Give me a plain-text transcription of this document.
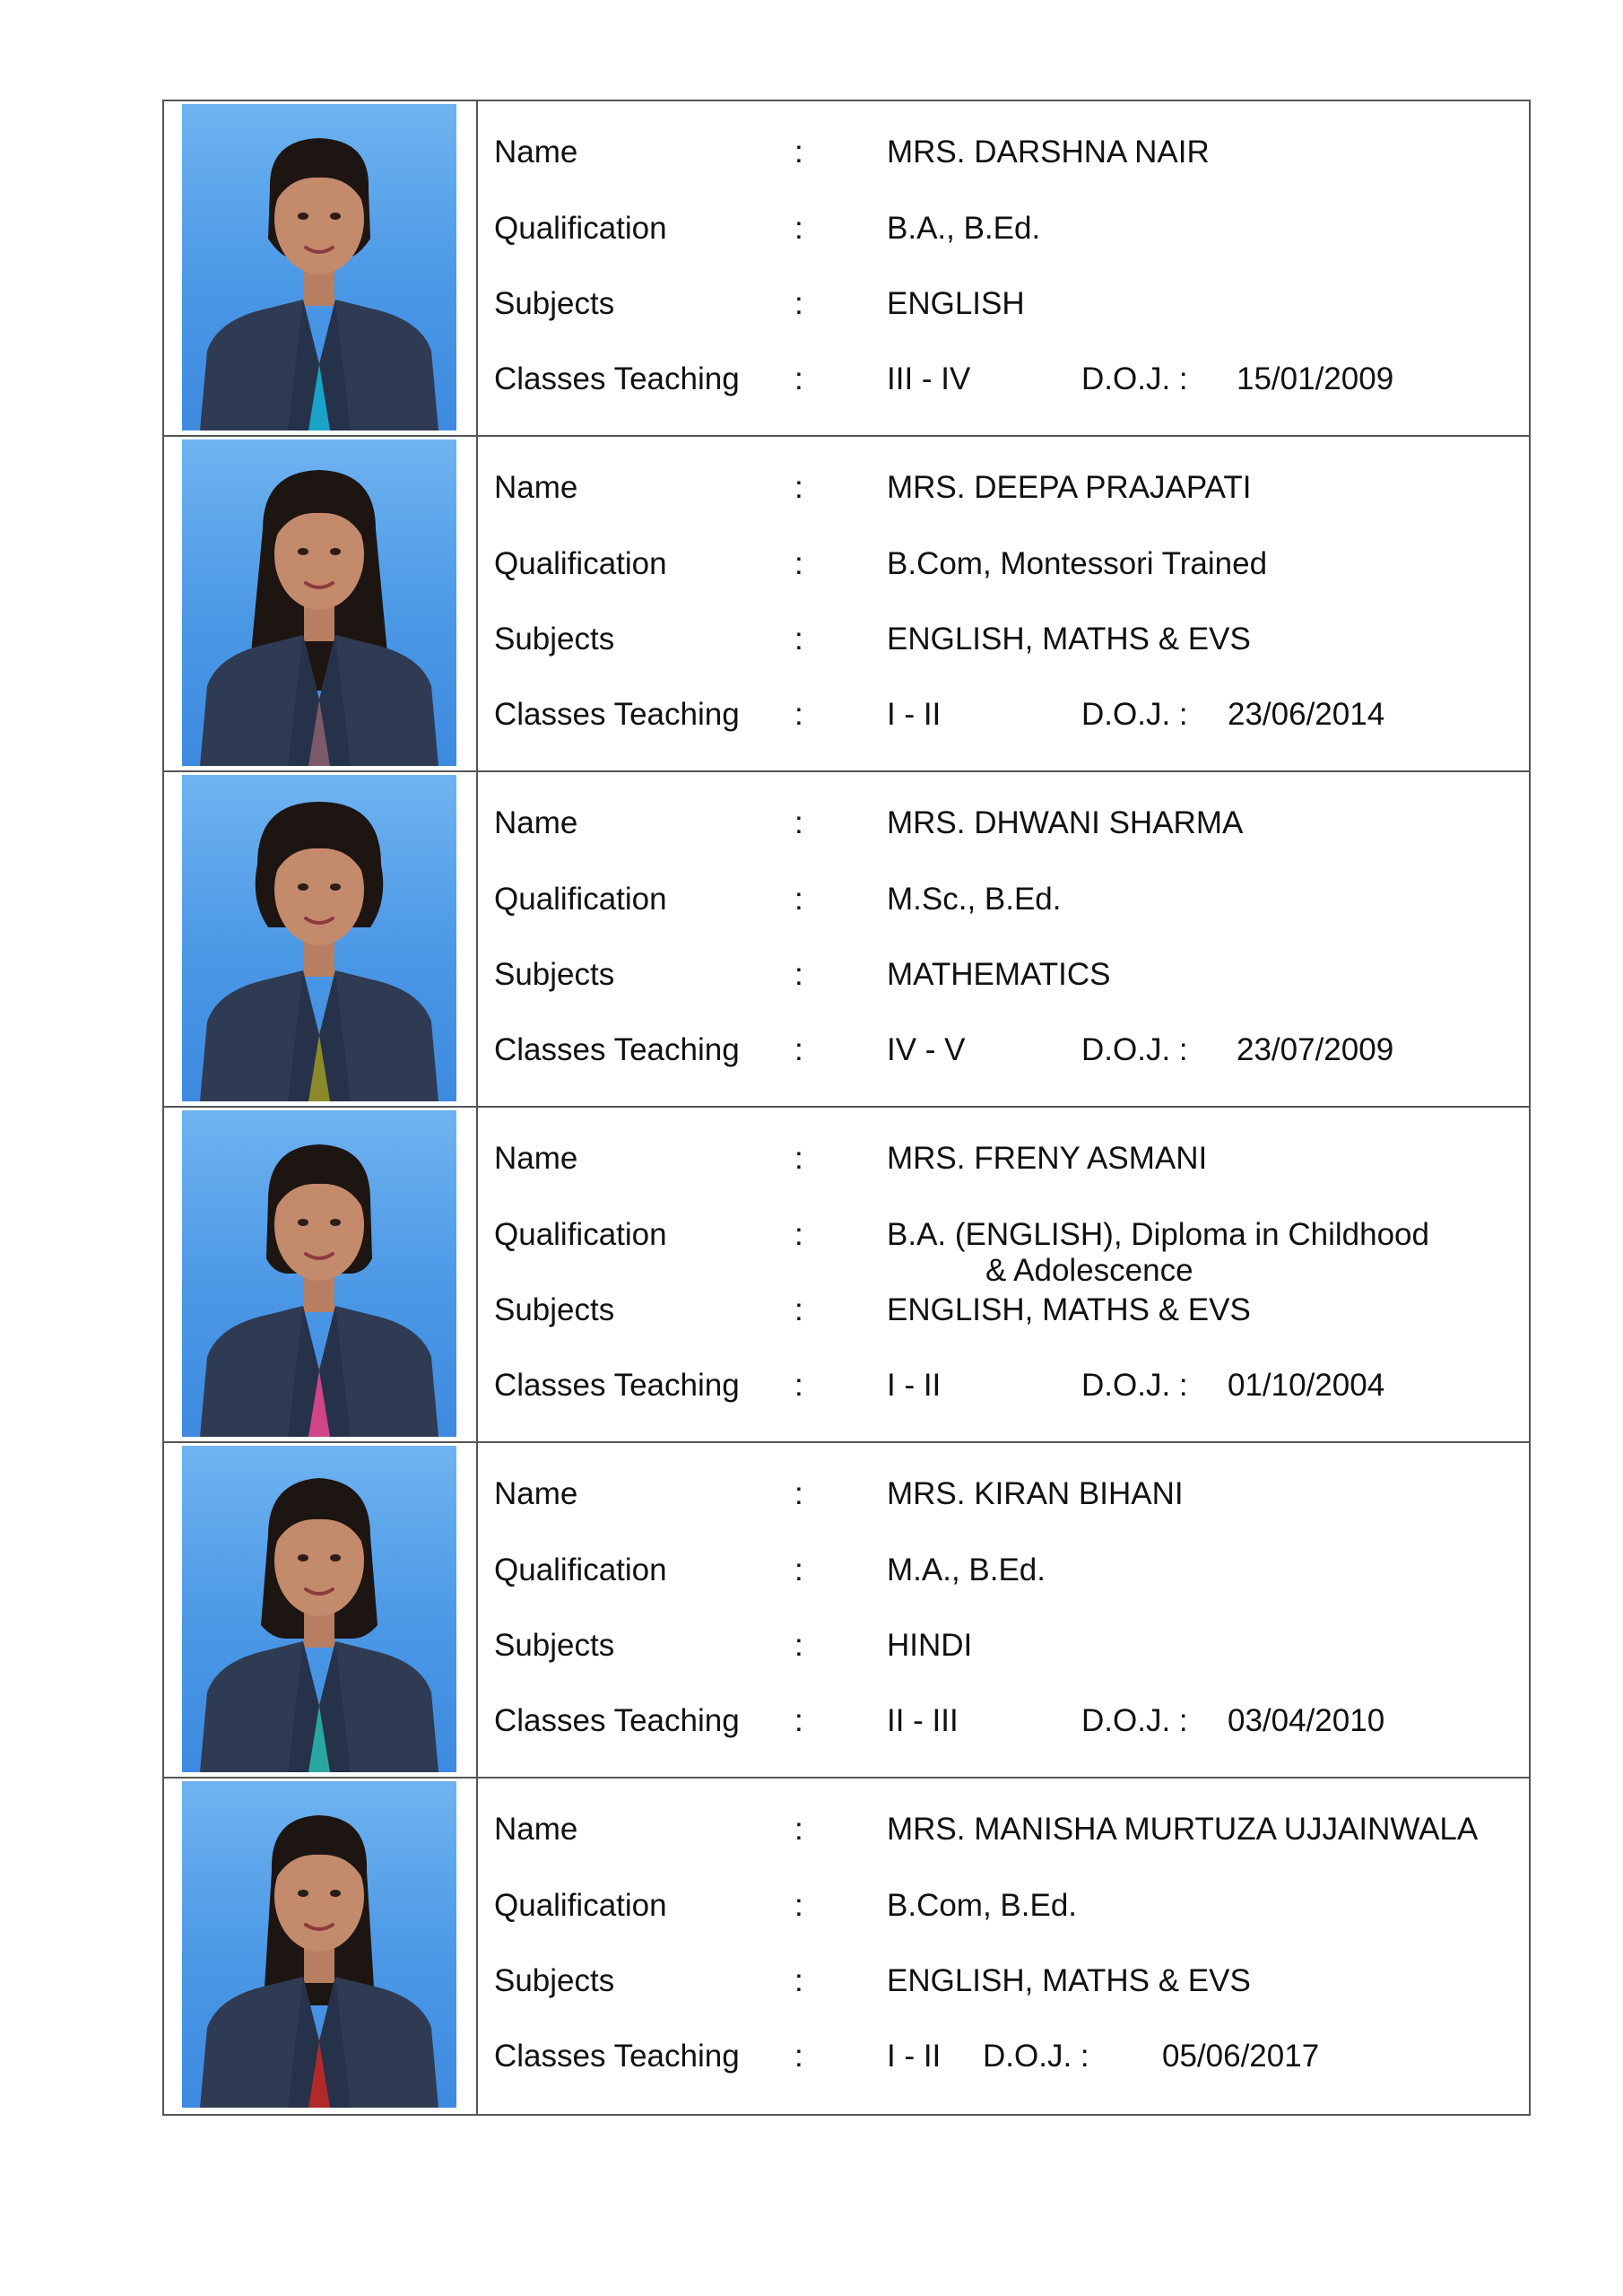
Name	:	MRS. DARSHNA NAIR
Qualification	:	B.A., B.Ed.
Subjects	:	ENGLISH
Classes Teaching :	III - IV	D.O.J. : 15/01/2009
Name	:	MRS. DEEPA PRAJAPATI
Qualification	:	B.Com, Montessori Trained
Subjects	:	ENGLISH, MATHS & EVS
Classes Teaching :	I - II	D.O.J. : 23/06/2014
Name	:	MRS. DHWANI SHARMA
Qualification	:	M.Sc., B.Ed.
Subjects	:	MATHEMATICS
Classes Teaching :	IV - V	D.O.J. : 23/07/2009
Name	:	MRS. FRENY ASMANI
Qualification	:	B.A. (ENGLISH), Diploma in Childhood
& Adolescence
Subjects	:	ENGLISH, MATHS & EVS
Classes Teaching :	I - II	D.O.J. : 01/10/2004
Name	:	MRS. KIRAN BIHANI
Qualification	:	M.A., B.Ed.
Subjects	:	HINDI
Classes Teaching :	II - III	D.O.J. : 03/04/2010
Name	:	MRS. MANISHA MURTUZA UJJAINWALA
Qualification	:	B.Com, B.Ed.
Subjects	:	ENGLISH, MATHS & EVS
Classes Teaching :	I - II D.O.J. : 05/06/2017
